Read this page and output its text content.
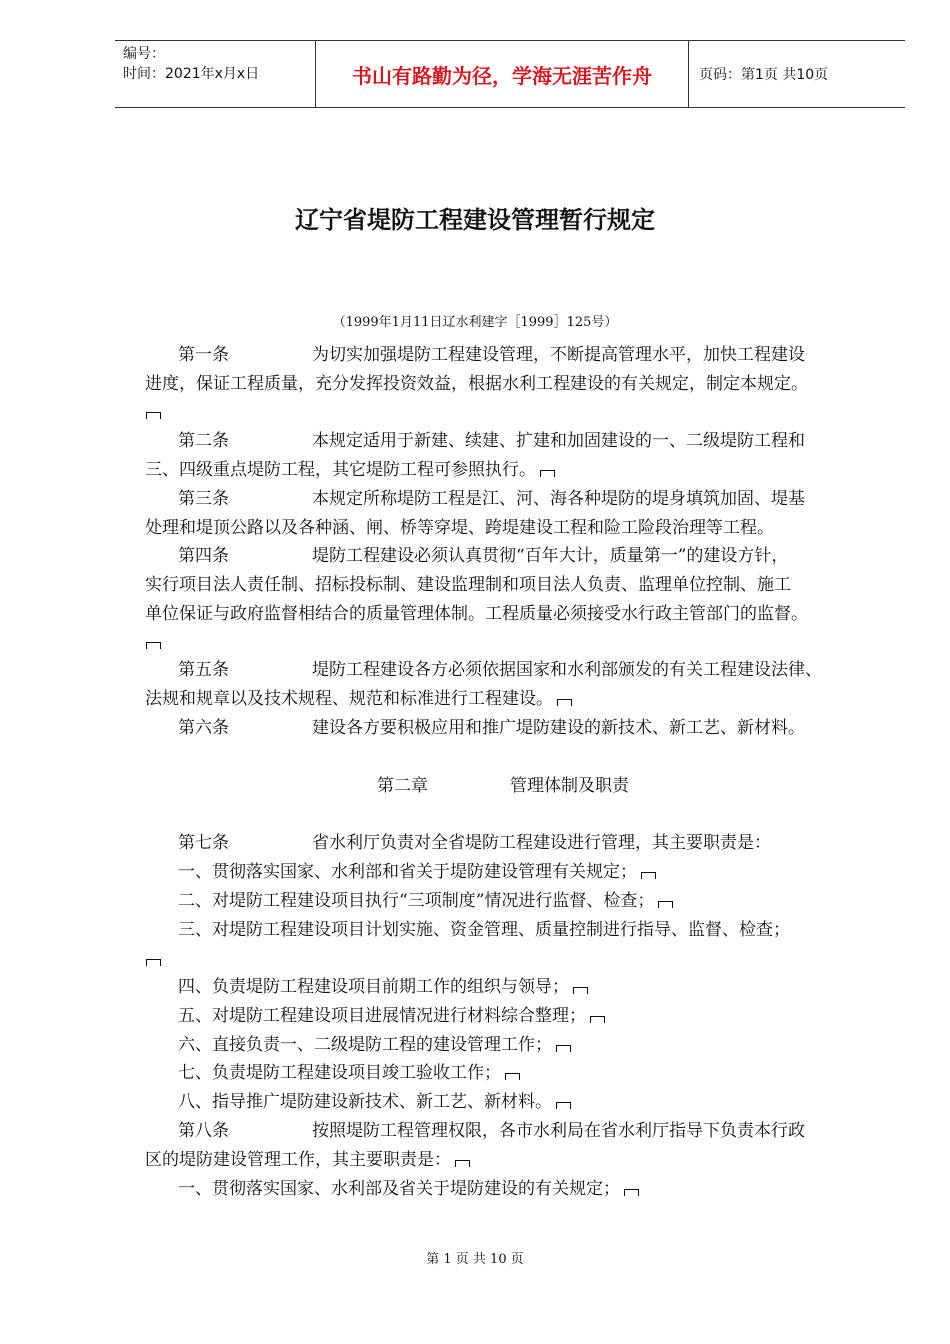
编号：
时间：2021年x月x日	书山有路勤为径，学海无涯苦作舟	页码：第1页 共10页
辽宁省堤防工程建设管理暂行规定
（1999年1月11日辽水利建字［1999］125号）
第一条	为切实加强堤防工程建设管理，不断提高管理水平，加快工程建设
进度，保证工程质量，充分发挥投资效益，根据水利工程建设的有关规定，制定本规定。
第二条	本规定适用于新建、续建、扩建和加固建设的一、二级堤防工程和
三、四级重点堤防工程，其它堤防工程可参照执行。
第三条	本规定所称堤防工程是江、河、海各种堤防的堤身填筑加固、堤基
处理和堤顶公路以及各种涵、闸、桥等穿堤、跨堤建设工程和险工险段治理等工程。
第四条	堤防工程建设必须认真贯彻“百年大计，质量第一”的建设方针，
实行项目法人责任制、招标投标制、建设监理制和项目法人负责、监理单位控制、施工
单位保证与政府监督相结合的质量管理体制。工程质量必须接受水行政主管部门的监督。
第五条	堤防工程建设各方必须依据国家和水利部颁发的有关工程建设法律、
法规和规章以及技术规程、规范和标准进行工程建设。
第六条	建设各方要积极应用和推广堤防建设的新技术、新工艺、新材料。
第二章	管理体制及职责
第七条	省水利厅负责对全省堤防工程建设进行管理，其主要职责是：
一、贯彻落实国家、水利部和省关于堤防建设管理有关规定；
二、对堤防工程建设项目执行“三项制度”情况进行监督、检查；
三、对堤防工程建设项目计划实施、资金管理、质量控制进行指导、监督、检查；
四、负责堤防工程建设项目前期工作的组织与领导；
五、对堤防工程建设项目进展情况进行材料综合整理；
六、直接负责一、二级堤防工程的建设管理工作；
七、负责堤防工程建设项目竣工验收工作；
八、指导推广堤防建设新技术、新工艺、新材料。
第八条	按照堤防工程管理权限，各市水利局在省水利厅指导下负责本行政
区的堤防建设管理工作，其主要职责是：
一、贯彻落实国家、水利部及省关于堤防建设的有关规定；
第 1 页 共 10 页
